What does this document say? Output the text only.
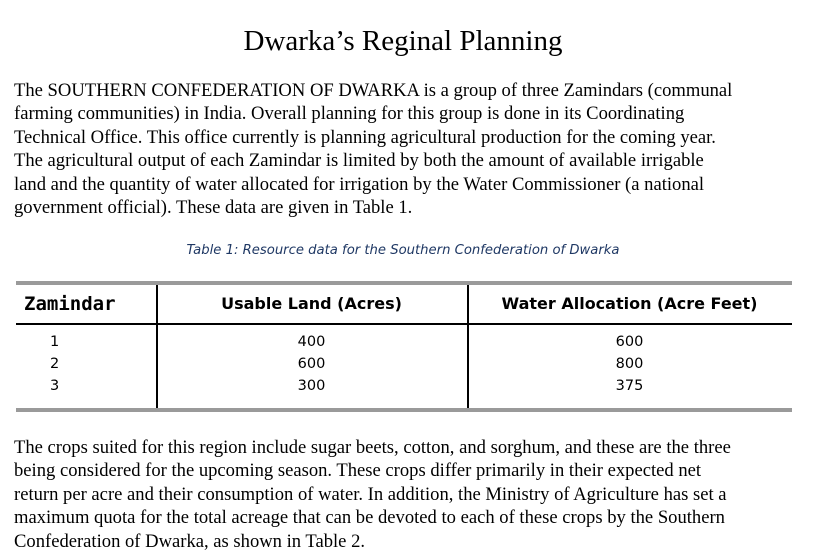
Dwarka’s Reginal Planning

The SOUTHERN CONFEDERATION OF DWARKA is a group of three Zamindars (communal
farming communities) in India. Overall planning for this group is done in its Coordinating
Technical Office. This office currently is planning agricultural production for the coming year.
The agricultural output of each Zamindar is limited by both the amount of available irrigable
land and the quantity of water allocated for irrigation by the Water Commissioner (a national
government official). These data are given in Table 1.

Table 1: Resource data for the Southern Confederation of Dwarka

Zamindar	Usable Land (Acres)	Water Allocation (Acre Feet)
1
2
3
400
600
300
600
800
375

The crops suited for this region include sugar beets, cotton, and sorghum, and these are the three
being considered for the upcoming season. These crops differ primarily in their expected net
return per acre and their consumption of water. In addition, the Ministry of Agriculture has set a
maximum quota for the total acreage that can be devoted to each of these crops by the Southern
Confederation of Dwarka, as shown in Table 2.
